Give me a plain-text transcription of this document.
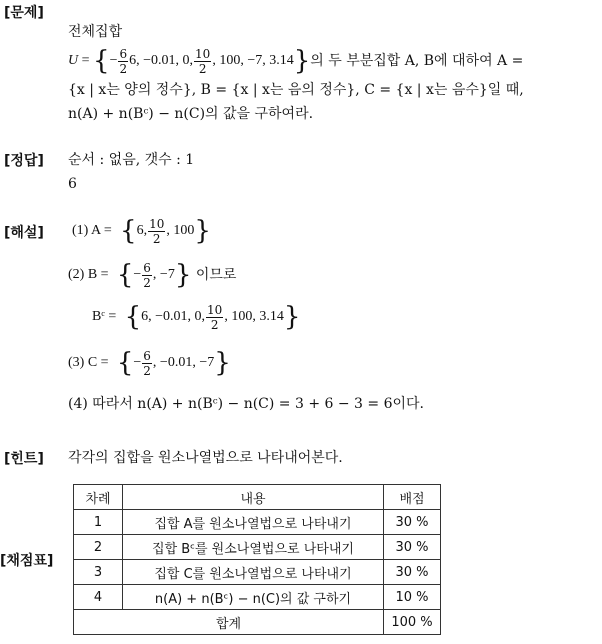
[문제]
전체집합
U = { − $\frac{6}{2} 6$, −0.01, 0, $\frac{10}{2}$ , 100, −7, 3.14 } 의 두 부분집합 A, B에 대하여 A =
{x | x는 양의 정수}, B = {x | x는 음의 정수}, C = {x | x는 음수}일 때,
n(A) + n(Bᶜ) − n(C)의 값을 구하여라.
[정답] 순서 : 없음, 갯수 : 1
6
[해설] (1) A = { 6, $\frac{10}{2}$ , 100 }
(2) B = { − $\frac{6}{2}$ , −7 }
이므로
Bᶜ = { 6, −0.01, 0, $\frac{10}{2}$ , 100, 3.14 }
(3) C = { − $\frac{6}{2}$ , −0.01, −7 }
(4) 따라서 n(A) + n(Bᶜ) − n(C) = 3 + 6 − 3 = 6이다.
[힌트] 각각의 집합을 원소나열법으로 나타내어본다.
[채점표]
차례	내용	배점
1	집합 A를 원소나열법으로 나타내기	30 %
2	집합 Bᶜ를 원소나열법으로 나타내기	30 %
3	집합 C를 원소나열법으로 나타내기	30 %
4	n(A) + n(Bᶜ) − n(C)의 값 구하기	10 %
합계		100 %
